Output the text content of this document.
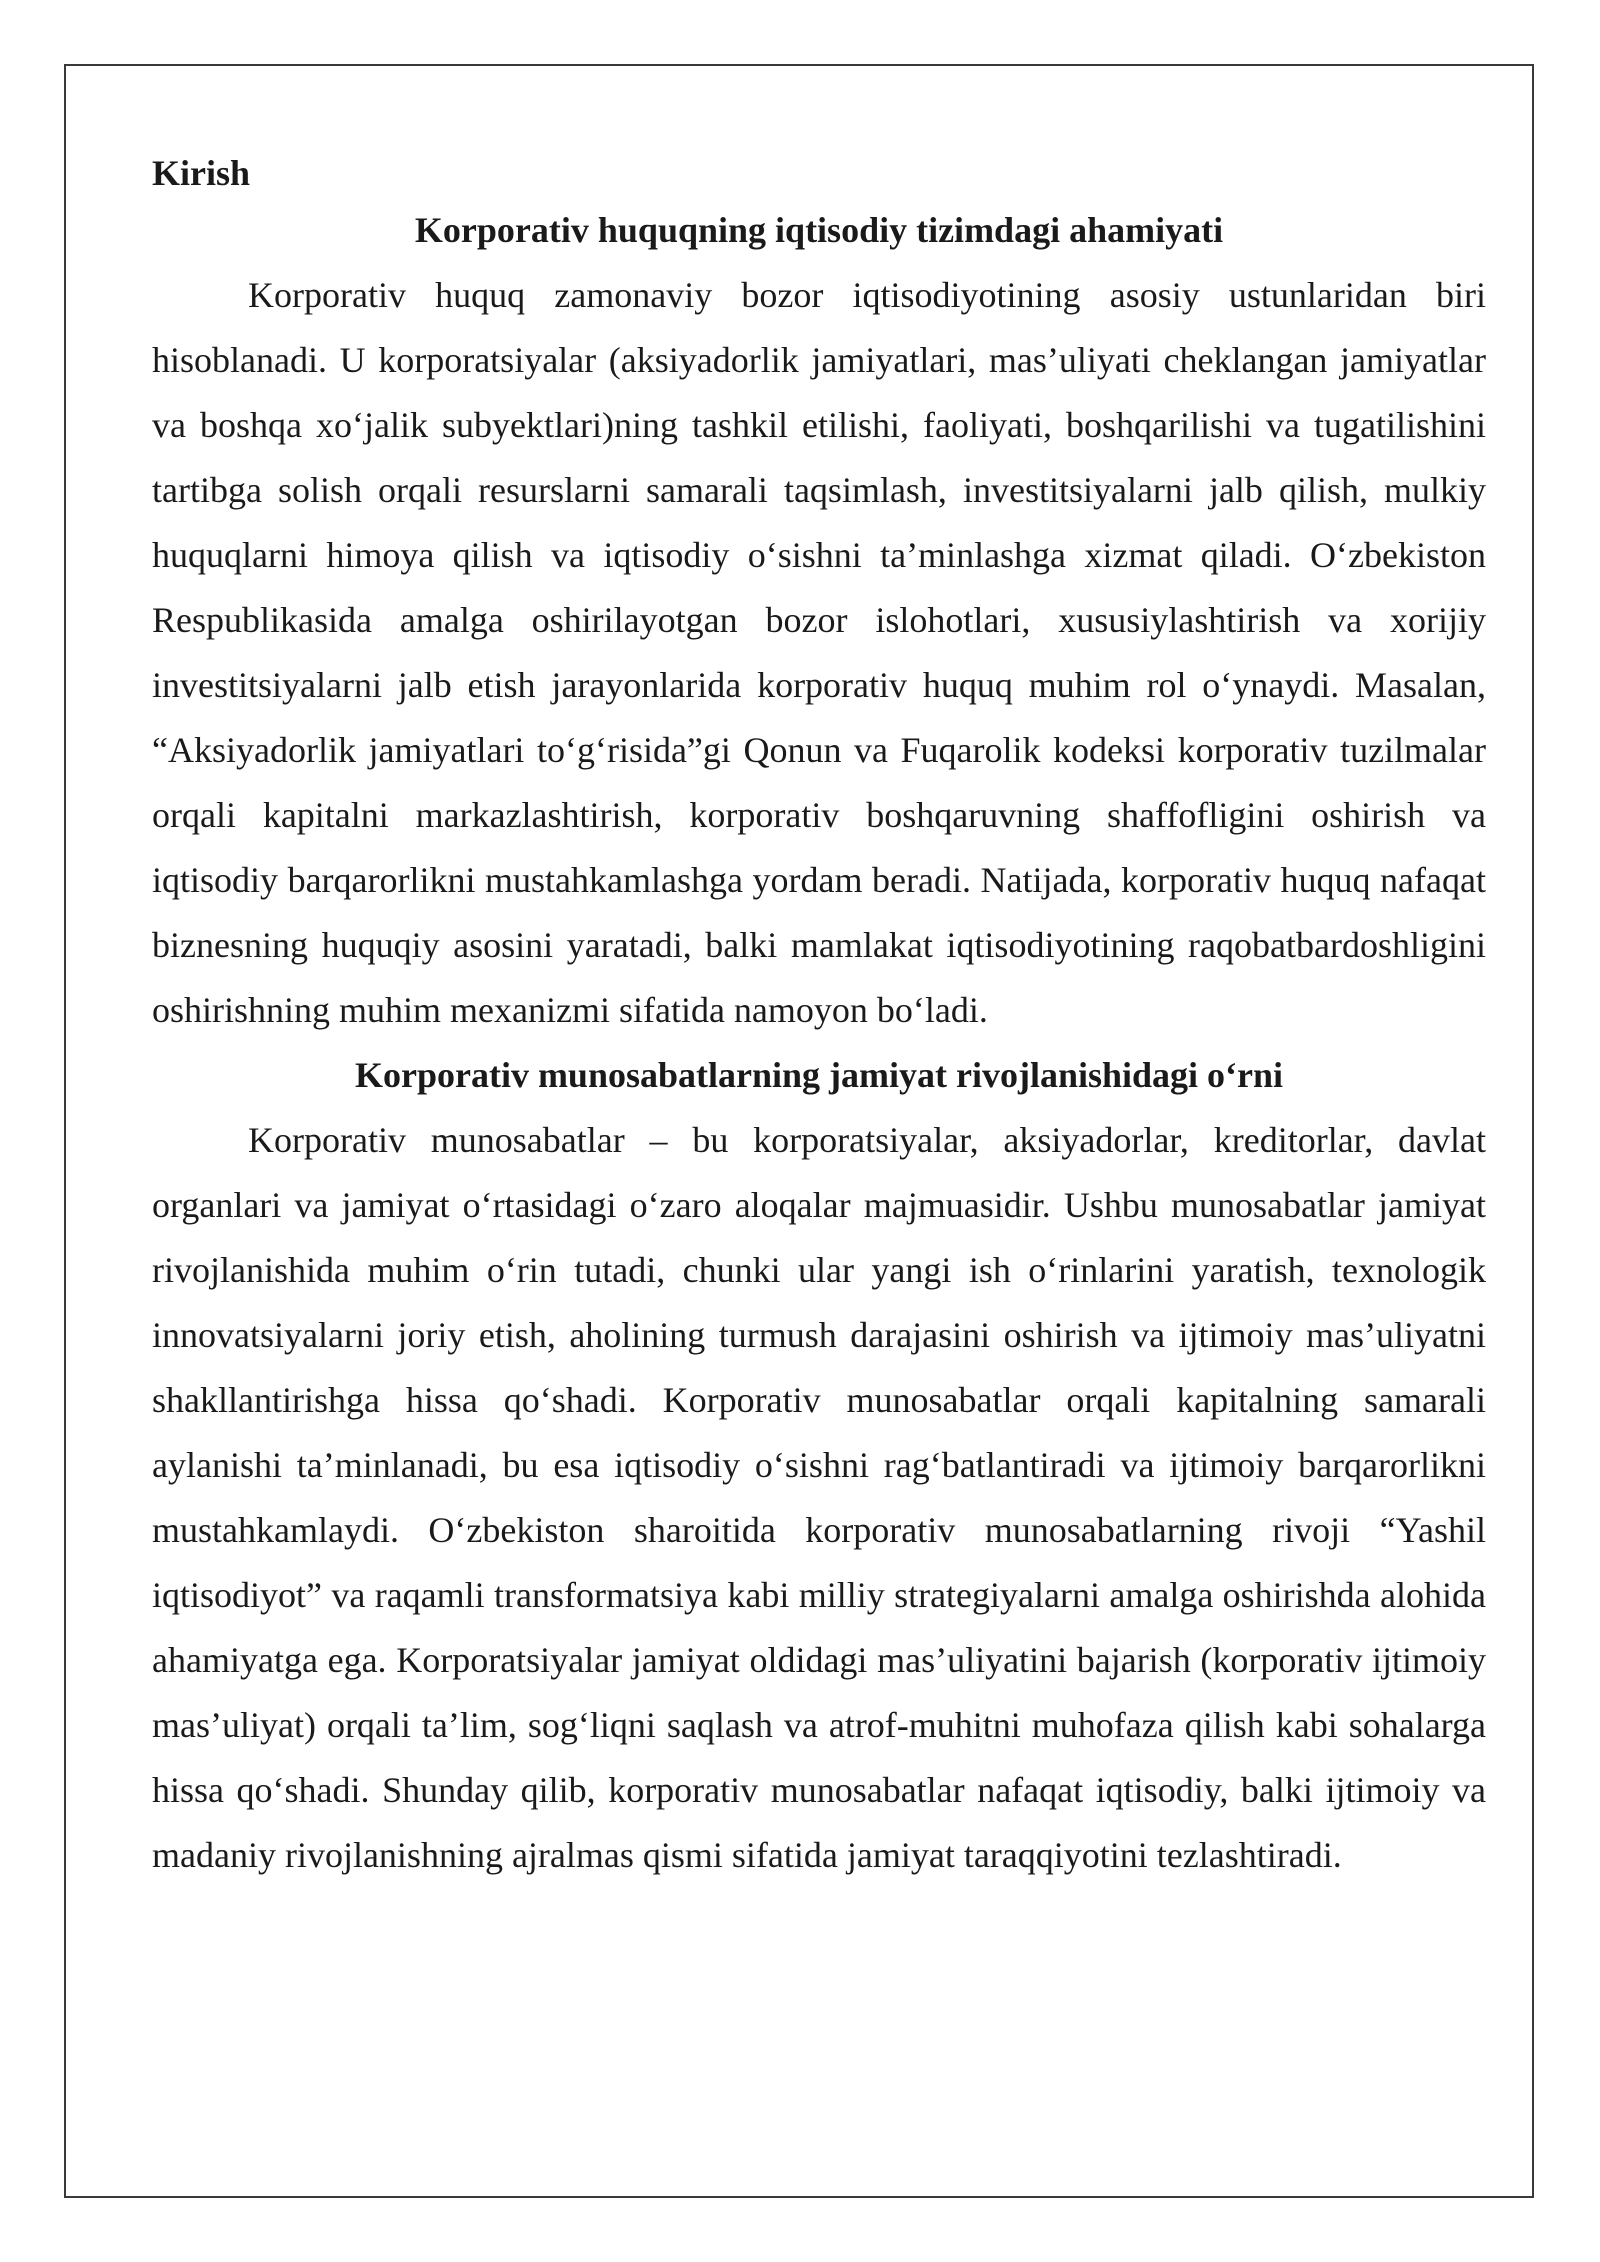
Kirish
Korporativ huquqning iqtisodiy tizimdagi ahamiyati

Korporativ huquq zamonaviy bozor iqtisodiyotining asosiy ustunlaridan biri hisoblanadi. U korporatsiyalar (aksiyadorlik jamiyatlari, mas’uliyati cheklangan jamiyatlar va boshqa xo‘jalik subyektlari)ning tashkil etilishi, faoliyati, boshqarilishi va tugatilishini tartibga solish orqali resurslarni samarali taqsimlash, investitsiyalarni jalb qilish, mulkiy huquqlarni himoya qilish va iqtisodiy o‘sishni ta’minlashga xizmat qiladi. O‘zbekiston Respublikasida amalga oshirilayotgan bozor islohotlari, xususiylashtirish va xorijiy investitsiyalarni jalb etish jarayonlarida korporativ huquq muhim rol o‘ynaydi. Masalan, “Aksiyadorlik jamiyatlari to‘g‘risida”gi Qonun va Fuqarolik kodeksi korporativ tuzilmalar orqali kapitalni markazlashtirish, korporativ boshqaruvning shaffofligini oshirish va iqtisodiy barqarorlikni mustahkamlashga yordam beradi. Natijada, korporativ huquq nafaqat biznesning huquqiy asosini yaratadi, balki mamlakat iqtisodiyotining raqobatbardoshligini oshirishning muhim mexanizmi sifatida namoyon bo‘ladi.

Korporativ munosabatlarning jamiyat rivojlanishidagi o‘rni

Korporativ munosabatlar – bu korporatsiyalar, aksiyadorlar, kreditorlar, davlat organlari va jamiyat o‘rtasidagi o‘zaro aloqalar majmuasidir. Ushbu munosabatlar jamiyat rivojlanishida muhim o‘rin tutadi, chunki ular yangi ish o‘rinlarini yaratish, texnologik innovatsiyalarni joriy etish, aholining turmush darajasini oshirish va ijtimoiy mas’uliyatni shakllantirishga hissa qo‘shadi. Korporativ munosabatlar orqali kapitalning samarali aylanishi ta’minlanadi, bu esa iqtisodiy o‘sishni rag‘batlantiradi va ijtimoiy barqarorlikni mustahkamlaydi. O‘zbekiston sharoitida korporativ munosabatlarning rivoji “Yashil iqtisodiyot” va raqamli transformatsiya kabi milliy strategiyalarni amalga oshirishda alohida ahamiyatga ega. Korporatsiyalar jamiyat oldidagi mas’uliyatini bajarish (korporativ ijtimoiy mas’uliyat) orqali ta’lim, sog‘liqni saqlash va atrof-muhitni muhofaza qilish kabi sohalarga hissa qo‘shadi. Shunday qilib, korporativ munosabatlar nafaqat iqtisodiy, balki ijtimoiy va madaniy rivojlanishning ajralmas qismi sifatida jamiyat taraqqiyotini tezlashtiradi.
